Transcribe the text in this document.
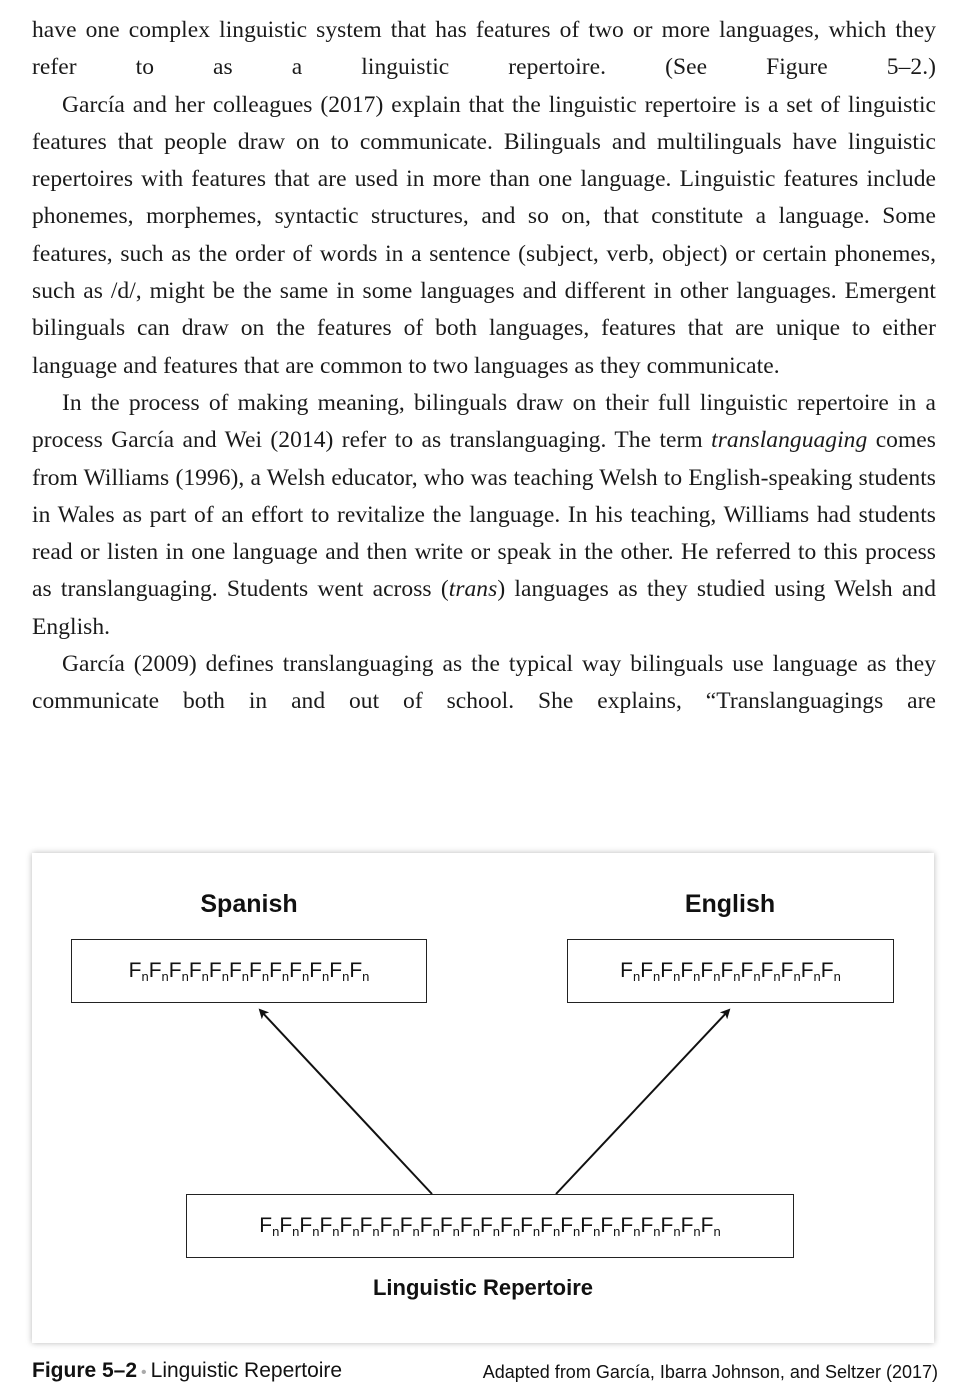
have one complex linguistic system that has features of two or more languages, which they refer to as a linguistic repertoire. (See Figure 5–2.)

García and her colleagues (2017) explain that the linguistic repertoire is a set of linguistic features that people draw on to communicate. Bilinguals and multilinguals have linguistic repertoires with features that are used in more than one language. Linguistic features include phonemes, morphemes, syntactic structures, and so on, that constitute a language. Some features, such as the order of words in a sentence (subject, verb, object) or certain phonemes, such as /d/, might be the same in some languages and different in other languages. Emergent bilinguals can draw on the features of both languages, features that are unique to either language and features that are common to two languages as they communicate.

In the process of making meaning, bilinguals draw on their full linguistic repertoire in a process García and Wei (2014) refer to as translanguaging. The term translanguaging comes from Williams (1996), a Welsh educator, who was teaching Welsh to English-speaking students in Wales as part of an effort to revitalize the language. In his teaching, Williams had students read or listen in one language and then write or speak in the other. He referred to this process as translanguaging. Students went across (trans) languages as they studied using Welsh and English.

García (2009) defines translanguaging as the typical way bilinguals use language as they communicate both in and out of school. She explains, “Translanguagings are

Spanish	English
$F_nF_nF_nF_nF_nF_nF_nF_nF_nF_nF_nF_n$	$F_nF_nF_nF_nF_nF_nF_nF_nF_nF_nF_n$
$F_nF_nF_nF_nF_nF_nF_nF_nF_nF_nF_nF_nF_nF_nF_nF_nF_nF_nF_nF_nF_nF_nF_n$
Linguistic Repertoire
Figure 5–2 • Linguistic Repertoire	Adapted from García, Ibarra Johnson, and Seltzer (2017)
